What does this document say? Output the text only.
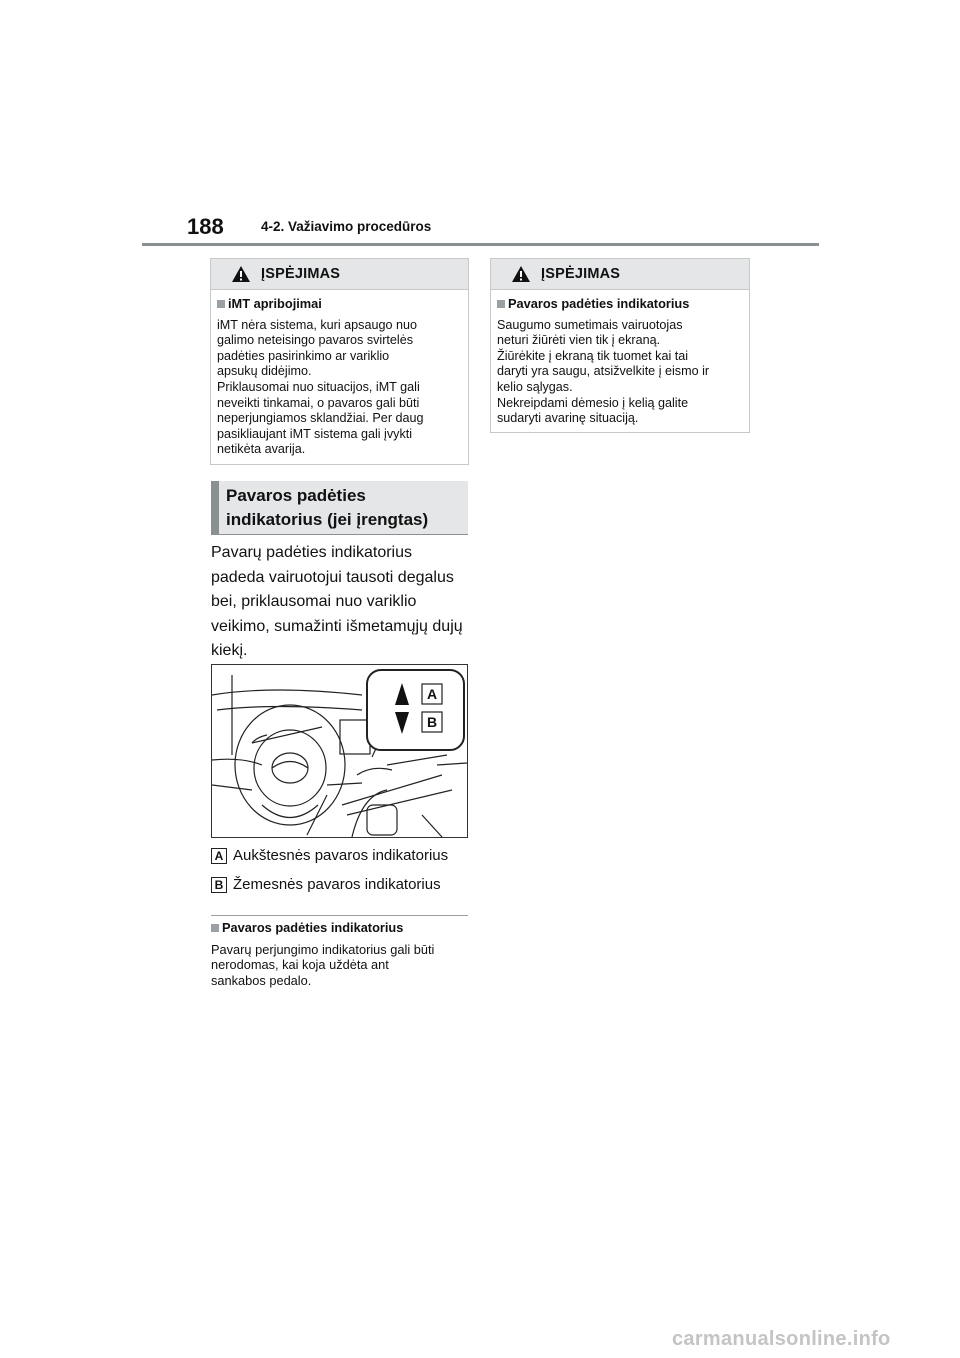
188	4-2. Važiavimo procedūros
ĮSPĖJIMAS
iMT apribojimai
iMT nėra sistema, kuri apsaugo nuo
galimo neteisingo pavaros svirtelės
padėties pasirinkimo ar variklio
apsukų didėjimo.
Priklausomai nuo situacijos, iMT gali
neveikti tinkamai, o pavaros gali būti
neperjungiamos sklandžiai. Per daug
pasikliaujant iMT sistema gali įvykti
netikėta avarija.
Pavaros padėties
indikatorius (jei įrengtas)
Pavarų padėties indikatorius
padeda vairuotojui tausoti degalus
bei, priklausomai nuo variklio
veikimo, sumažinti išmetamųjų dujų
kiekį.
A
B
A Aukštesnės pavaros indikatorius
B Žemesnės pavaros indikatorius
Pavaros padėties indikatorius
Pavarų perjungimo indikatorius gali būti
nerodomas, kai koja uždėta ant
sankabos pedalo.
ĮSPĖJIMAS
Pavaros padėties indikatorius
Saugumo sumetimais vairuotojas
neturi žiūrėti vien tik į ekraną.
Žiūrėkite į ekraną tik tuomet kai tai
daryti yra saugu, atsižvelkite į eismo ir
kelio sąlygas.
Nekreipdami dėmesio į kelią galite
sudaryti avarinę situaciją.
carmanualsonline.info
